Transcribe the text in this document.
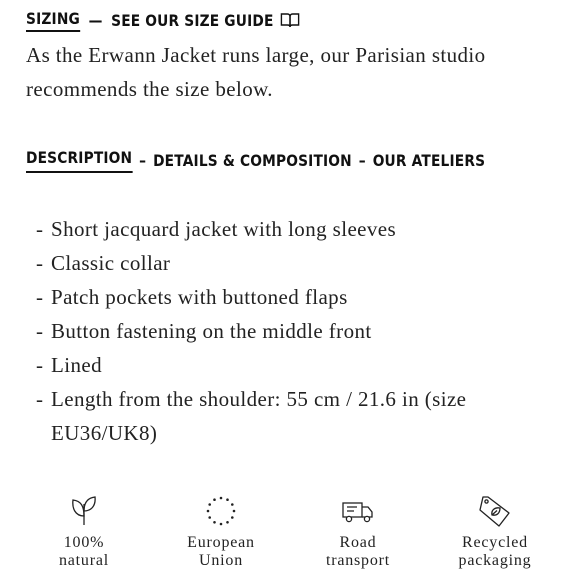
SIZING — SEE OUR SIZE GUIDE
As the Erwann Jacket runs large, our Parisian studio recommends the size below.
DESCRIPTION – DETAILS & COMPOSITION – OUR ATELIERS
- Short jacquard jacket with long sleeves
- Classic collar
- Patch pockets with buttoned flaps
- Button fastening on the middle front
- Lined
- Length from the shoulder: 55 cm / 21.6 in (size EU36/UK8)
100%
natural
European
Union
Road
transport
Recycled
packaging
